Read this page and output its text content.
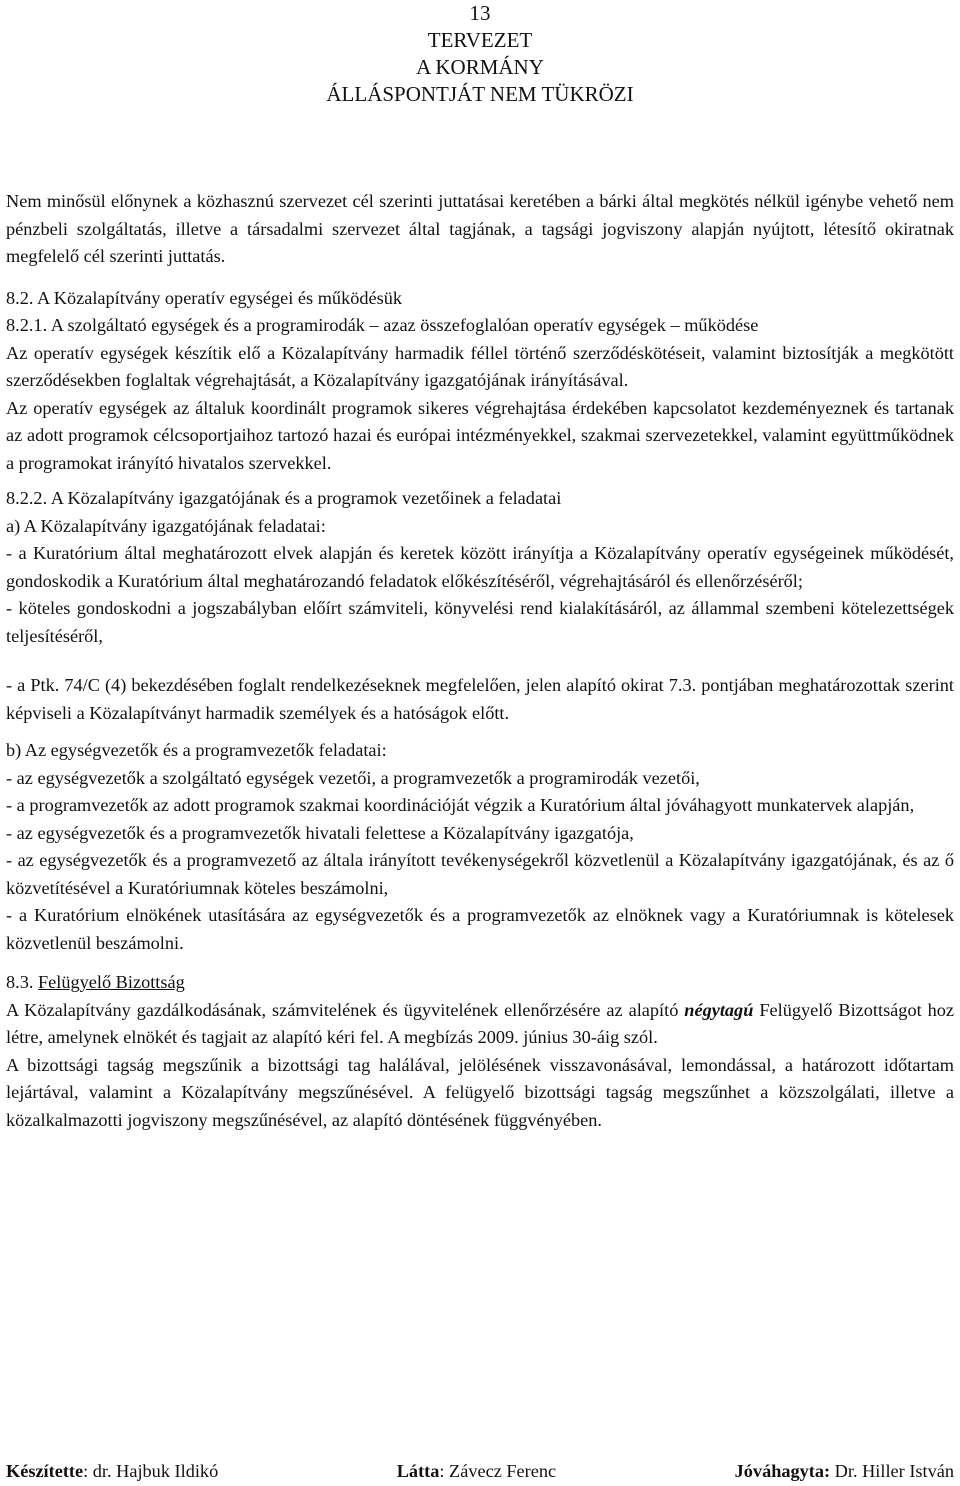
13
TERVEZET
A KORMÁNY
ÁLLÁSPONTJÁT NEM TÜKRÖZI

Nem minősül előnynek a közhasznú szervezet cél szerinti juttatásai keretében a bárki által megkötés nélkül igénybe vehető nem pénzbeli szolgáltatás, illetve a társadalmi szervezet által tagjának, a tagsági jogviszony alapján nyújtott, létesítő okiratnak megfelelő cél szerinti juttatás.

8.2. A Közalapítvány operatív egységei és működésük

8.2.1. A szolgáltató egységek és a programirodák – azaz összefoglalóan operatív egységek – működése

Az operatív egységek készítik elő a Közalapítvány harmadik féllel történő szerződéskötéseit, valamint biztosítják a megkötött szerződésekben foglaltak végrehajtását, a Közalapítvány igazgatójának irányításával.

Az operatív egységek az általuk koordinált programok sikeres végrehajtása érdekében kapcsolatot kezdeményeznek és tartanak az adott programok célcsoportjaihoz tartozó hazai és európai intézményekkel, szakmai szervezetekkel, valamint együttműködnek a programokat irányító hivatalos szervekkel.

8.2.2. A Közalapítvány igazgatójának és a programok vezetőinek a feladatai

a) A Közalapítvány igazgatójának feladatai:

- a Kuratórium által meghatározott elvek alapján és keretek között irányítja a Közalapítvány operatív egységeinek működését, gondoskodik a Kuratórium által meghatározandó feladatok előkészítéséről, végrehajtásáról és ellenőrzéséről;

- köteles gondoskodni a jogszabályban előírt számviteli, könyvelési rend kialakításáról, az állammal szembeni kötelezettségek teljesítéséről,

- a Ptk. 74/C (4) bekezdésében foglalt rendelkezéseknek megfelelően, jelen alapító okirat 7.3. pontjában meghatározottak szerint képviseli a Közalapítványt harmadik személyek és a hatóságok előtt.

b) Az egységvezetők és a programvezetők feladatai:

- az egységvezetők a szolgáltató egységek vezetői, a programvezetők a programirodák vezetői,

- a programvezetők az adott programok szakmai koordinációját végzik a Kuratórium által jóváhagyott munkatervek alapján,

- az egységvezetők és a programvezetők hivatali felettese a Közalapítvány igazgatója,

- az egységvezetők és a programvezető az általa irányított tevékenységekről közvetlenül a Közalapítvány igazgatójának, és az ő közvetítésével a Kuratóriumnak köteles beszámolni,

- a Kuratórium elnökének utasítására az egységvezetők és a programvezetők az elnöknek vagy a Kuratóriumnak is kötelesek közvetlenül beszámolni.

8.3. Felügyelő Bizottság

A Közalapítvány gazdálkodásának, számvitelének és ügyvitelének ellenőrzésére az alapító négytagú Felügyelő Bizottságot hoz létre, amelynek elnökét és tagjait az alapító kéri fel. A megbízás 2009. június 30-áig szól.

A bizottsági tagság megszűnik a bizottsági tag halálával, jelölésének visszavonásával, lemondással, a határozott időtartam lejártával, valamint a Közalapítvány megszűnésével. A felügyelő bizottsági tagság megszűnhet a közszolgálati, illetve a közalkalmazotti jogviszony megszűnésével, az alapító döntésének függvényében.

Készítette: dr. Hajbuk Ildikó	Látta: Závecz Ferenc	Jóváhagyta: Dr. Hiller István
